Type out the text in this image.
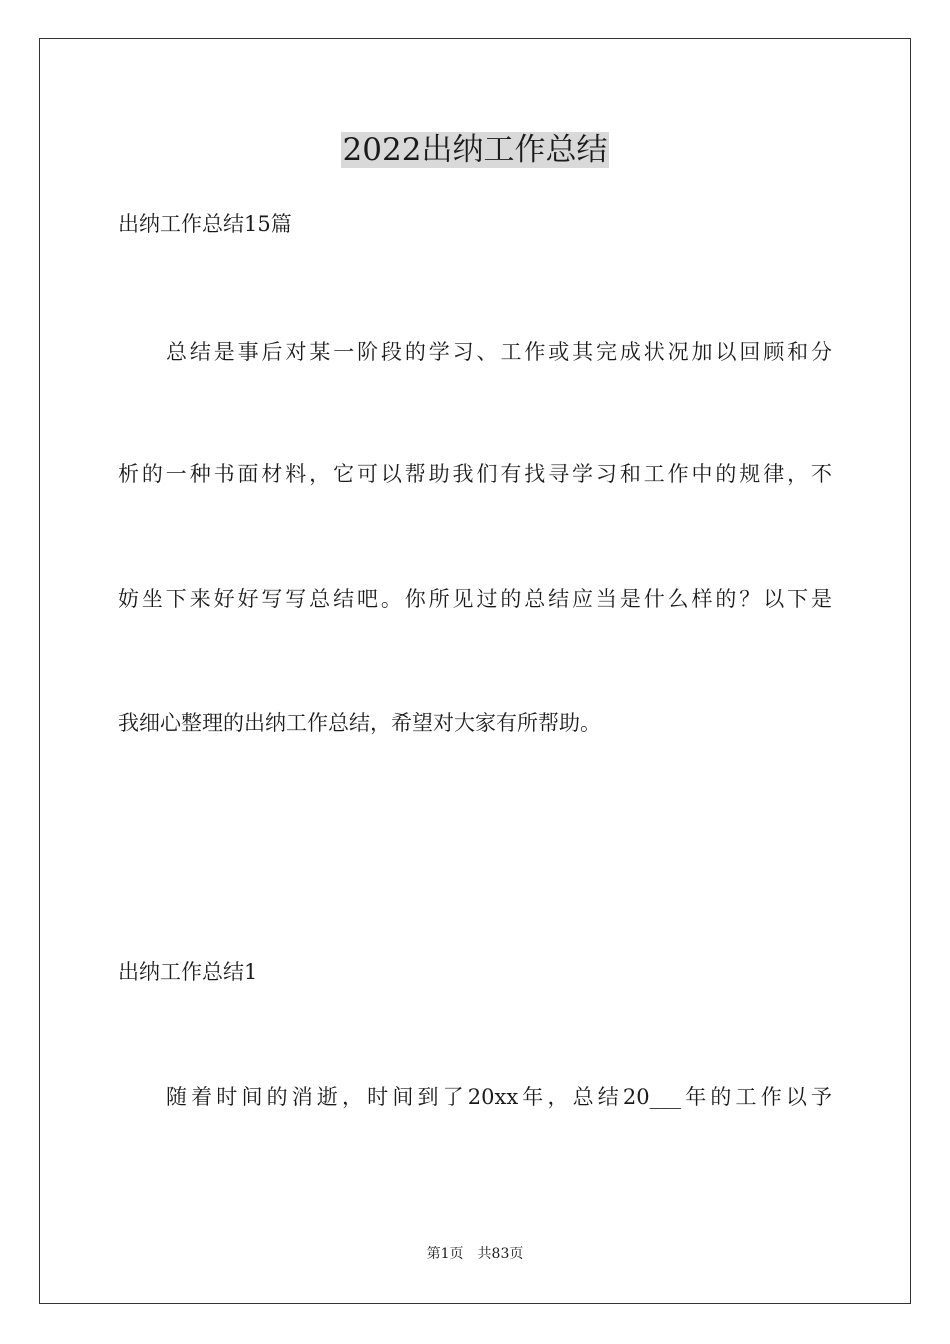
2022出纳工作总结
出纳工作总结15篇
总结是事后对某一阶段的学习、工作或其完成状况加以回顾和分
析的一种书面材料，它可以帮助我们有找寻学习和工作中的规律，不
妨坐下来好好写写总结吧。你所见过的总结应当是什么样的？以下是
我细心整理的出纳工作总结，希望对大家有所帮助。
出纳工作总结1
随着时间的消逝，时间到了20xx年，总结20___年的工作以予
第1页　共83页
